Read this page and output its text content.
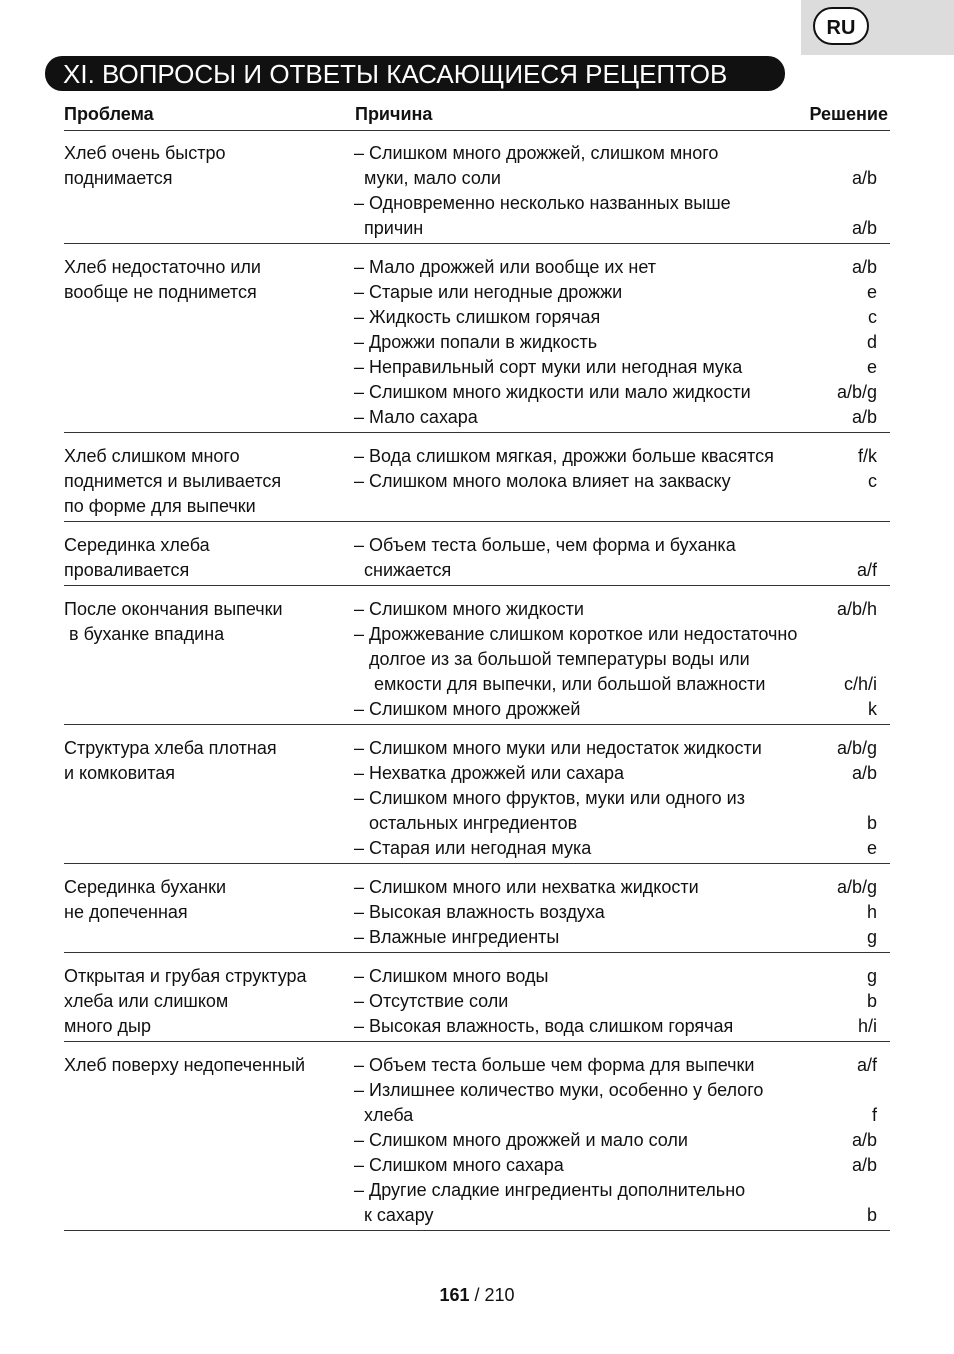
RU
XI. ВОПРОСЫ И ОТВЕТЫ КАСАЮЩИЕСЯ РЕЦЕПТОВ
Проблема	Причина	Решение
Хлеб очень быстро
поднимается
– Слишком много дрожжей, слишком много
муки, мало соли	a/b
– Одновременно несколько названных выше
причин	a/b
Хлеб недостаточно или
вообще не поднимется
– Мало дрожжей или вообще их нет	a/b
– Старые или негодные дрожжи	e
– Жидкость слишком горячая	c
– Дрожжи попали в жидкость	d
– Неправильный сорт муки или негодная мука	e
– Слишком много жидкости или мало жидкости	a/b/g
– Мало сахара	a/b
Хлеб слишком много
поднимется и выливается
по форме для выпечки
– Вода слишком мягкая, дрожжи больше квасятся	f/k
– Слишком много молока влияет на закваску	c
Серединка хлеба
проваливается
– Объем теста больше, чем форма и буханка
снижается	a/f
После окончания выпечки
в буханке впадина
– Слишком много жидкости	a/b/h
– Дрожжевание слишком короткое или недостаточно
долгое из за большой температуры воды или
емкости для выпечки, или большой влажности	c/h/i
– Слишком много дрожжей	k
Структура хлеба плотная
и комковитая
– Слишком много муки или недостаток жидкости	a/b/g
– Нехватка дрожжей или сахара	a/b
– Слишком много фруктов, муки или одного из
остальных ингредиентов	b
– Старая или негодная мука	e
Серединка буханки
не допеченная
– Слишком много или нехватка жидкости	a/b/g
– Высокая влажность воздуха	h
– Влажные ингредиенты	g
Открытая и грубая структура
хлеба или слишком
много дыр
– Слишком много воды	g
– Отсутствие соли	b
– Высокая влажность, вода слишком горячая	h/i
Хлеб поверху недопеченный	– Объем теста больше чем форма для выпечки	a/f
– Излишнее количество муки, особенно у белого
хлеба	f
– Слишком много дрожжей и мало соли	a/b
– Слишком много сахара	a/b
– Другие сладкие ингредиенты дополнительно
к сахару	b
161 / 210
